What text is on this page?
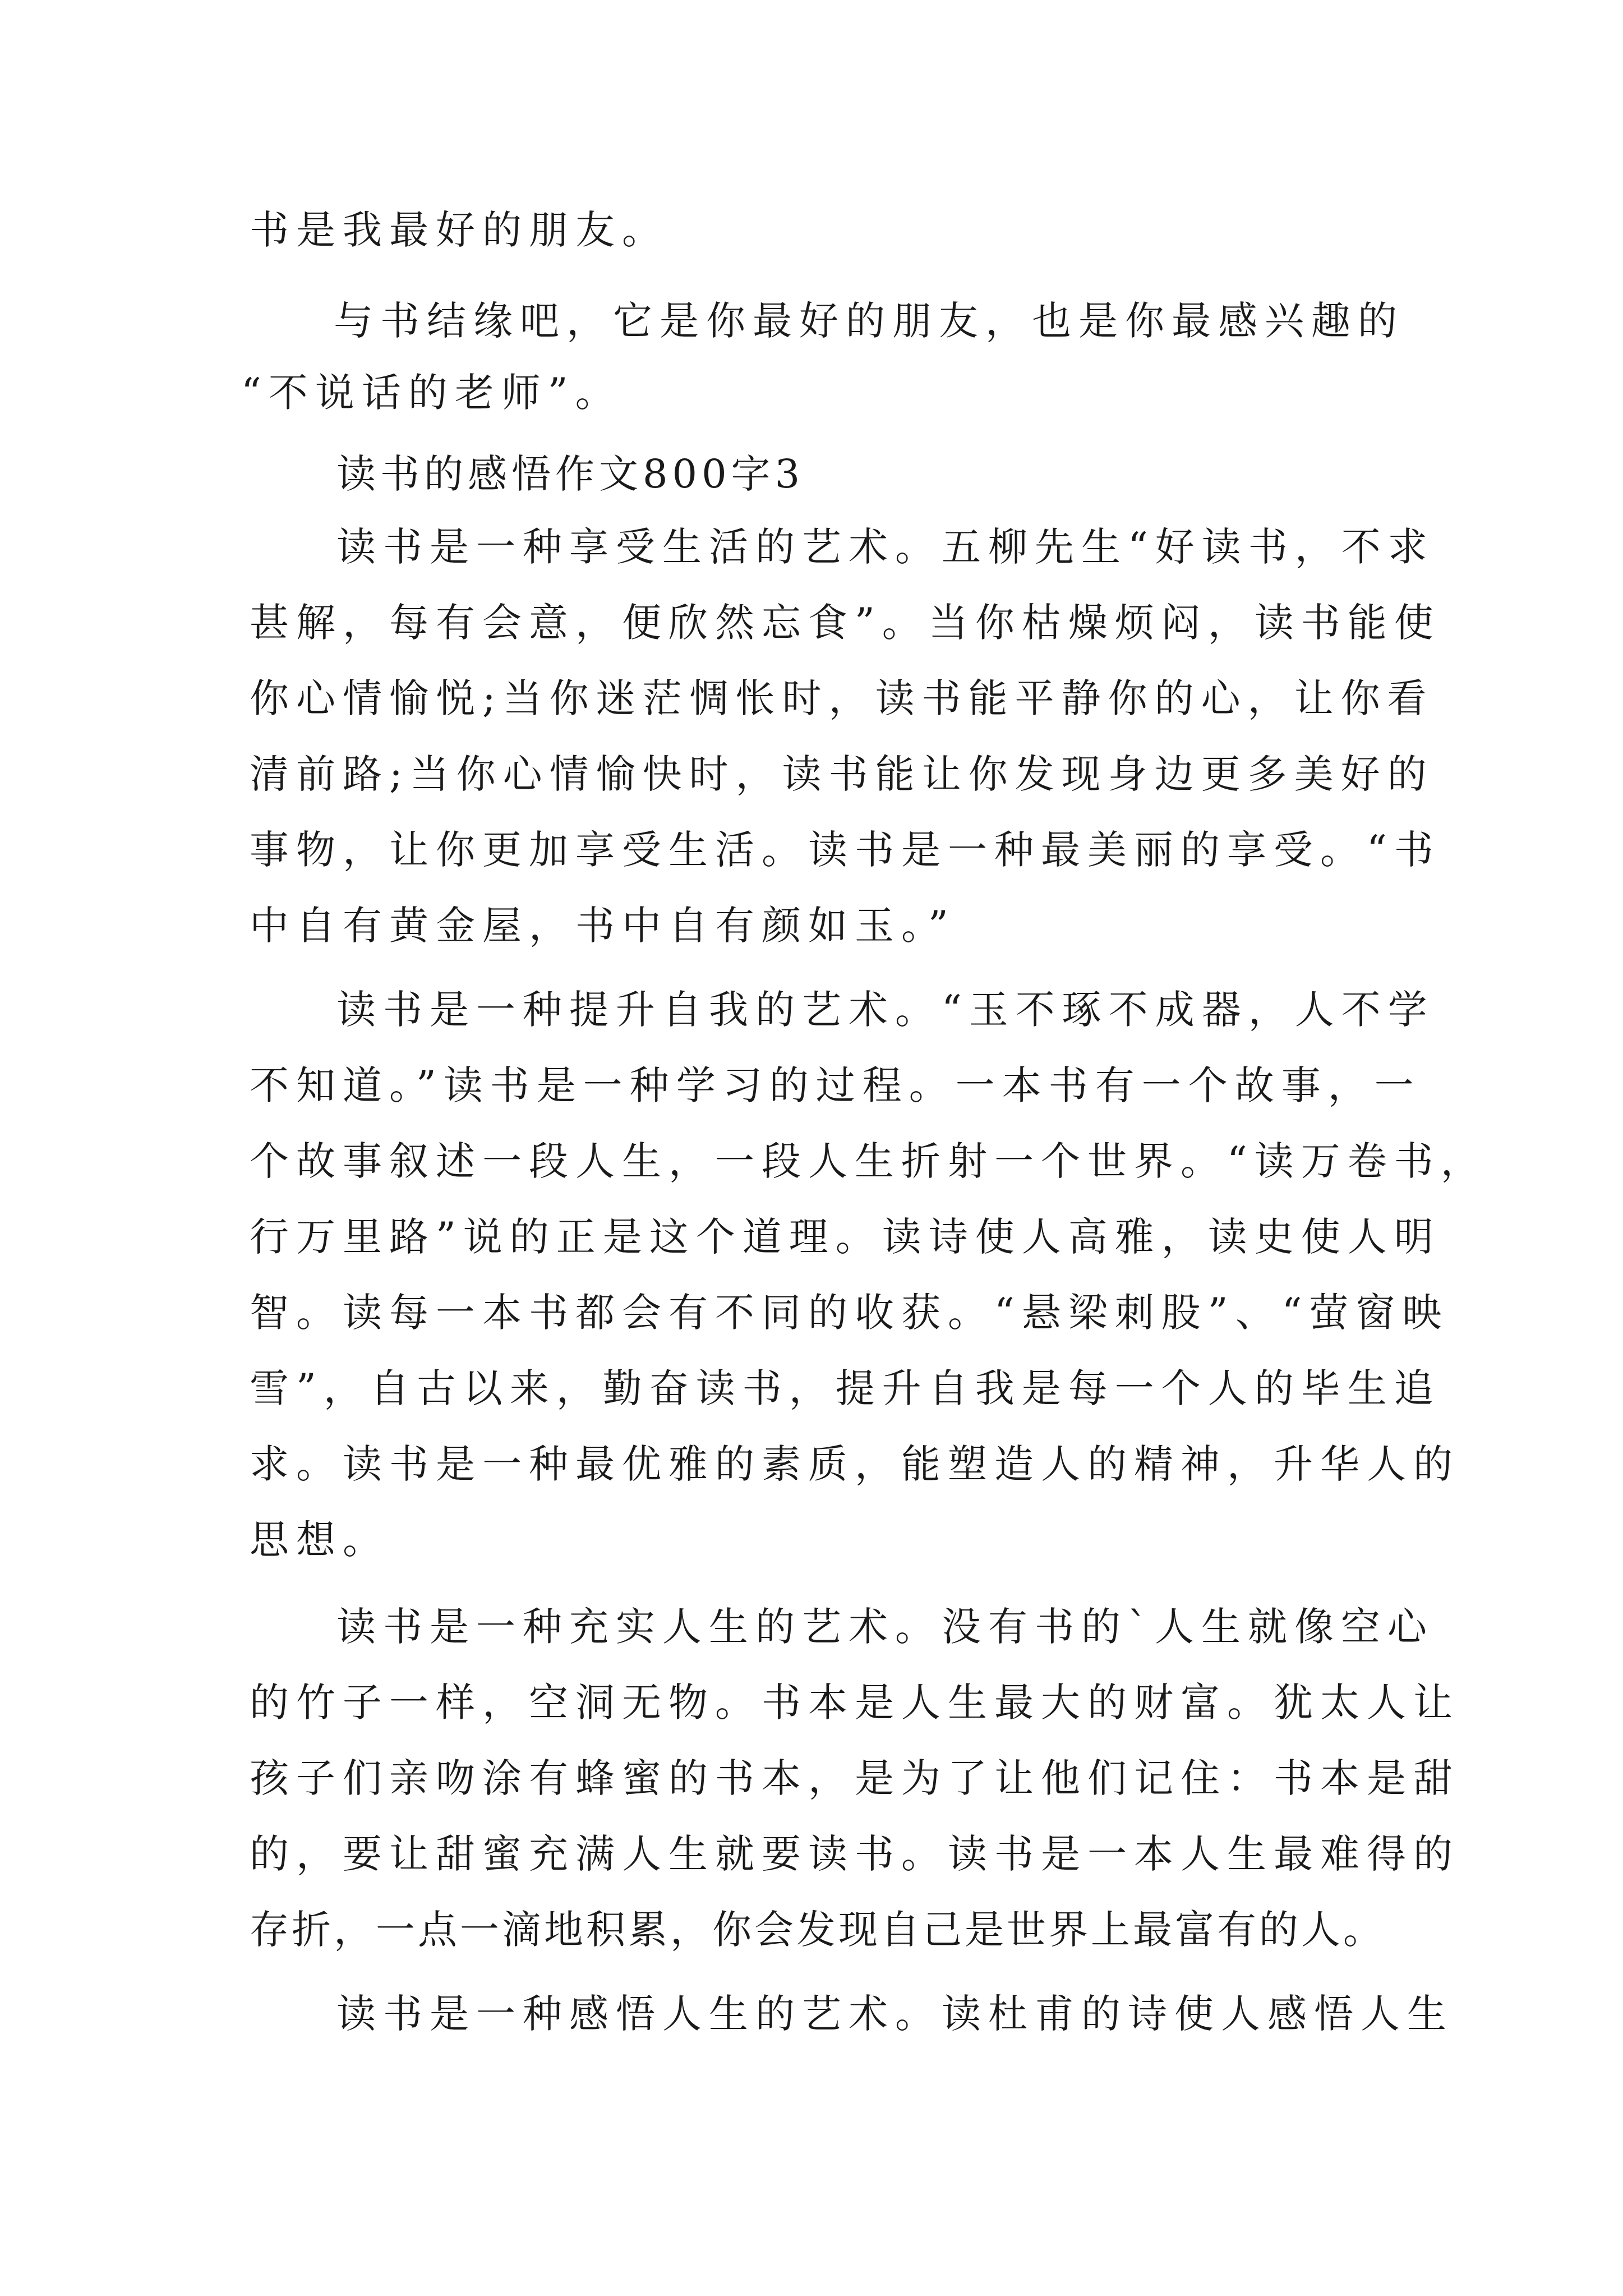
书是我最好的朋友。
与书结缘吧，它是你最好的朋友，也是你最感兴趣的
“不说话的老师”。
读书的感悟作文800字3
读书是一种享受生活的艺术。五柳先生“好读书，不求
甚解，每有会意，便欣然忘食”。当你枯燥烦闷，读书能使
你心情愉悦;当你迷茫惆怅时，读书能平静你的心，让你看
清前路;当你心情愉快时，读书能让你发现身边更多美好的
事物，让你更加享受生活。读书是一种最美丽的享受。“书
中自有黄金屋，书中自有颜如玉。”
读书是一种提升自我的艺术。“玉不琢不成器，人不学
不知道。”读书是一种学习的过程。一本书有一个故事，一
个故事叙述一段人生，一段人生折射一个世界。“读万卷书，
行万里路”说的正是这个道理。读诗使人高雅，读史使人明
智。读每一本书都会有不同的收获。“悬梁刺股”、“萤窗映
雪”，自古以来，勤奋读书，提升自我是每一个人的毕生追
求。读书是一种最优雅的素质，能塑造人的精神，升华人的
思想。
读书是一种充实人生的艺术。没有书的`人生就像空心
的竹子一样，空洞无物。书本是人生最大的财富。犹太人让
孩子们亲吻涂有蜂蜜的书本，是为了让他们记住：书本是甜
的，要让甜蜜充满人生就要读书。读书是一本人生最难得的
存折，一点一滴地积累，你会发现自己是世界上最富有的人。
读书是一种感悟人生的艺术。读杜甫的诗使人感悟人生
